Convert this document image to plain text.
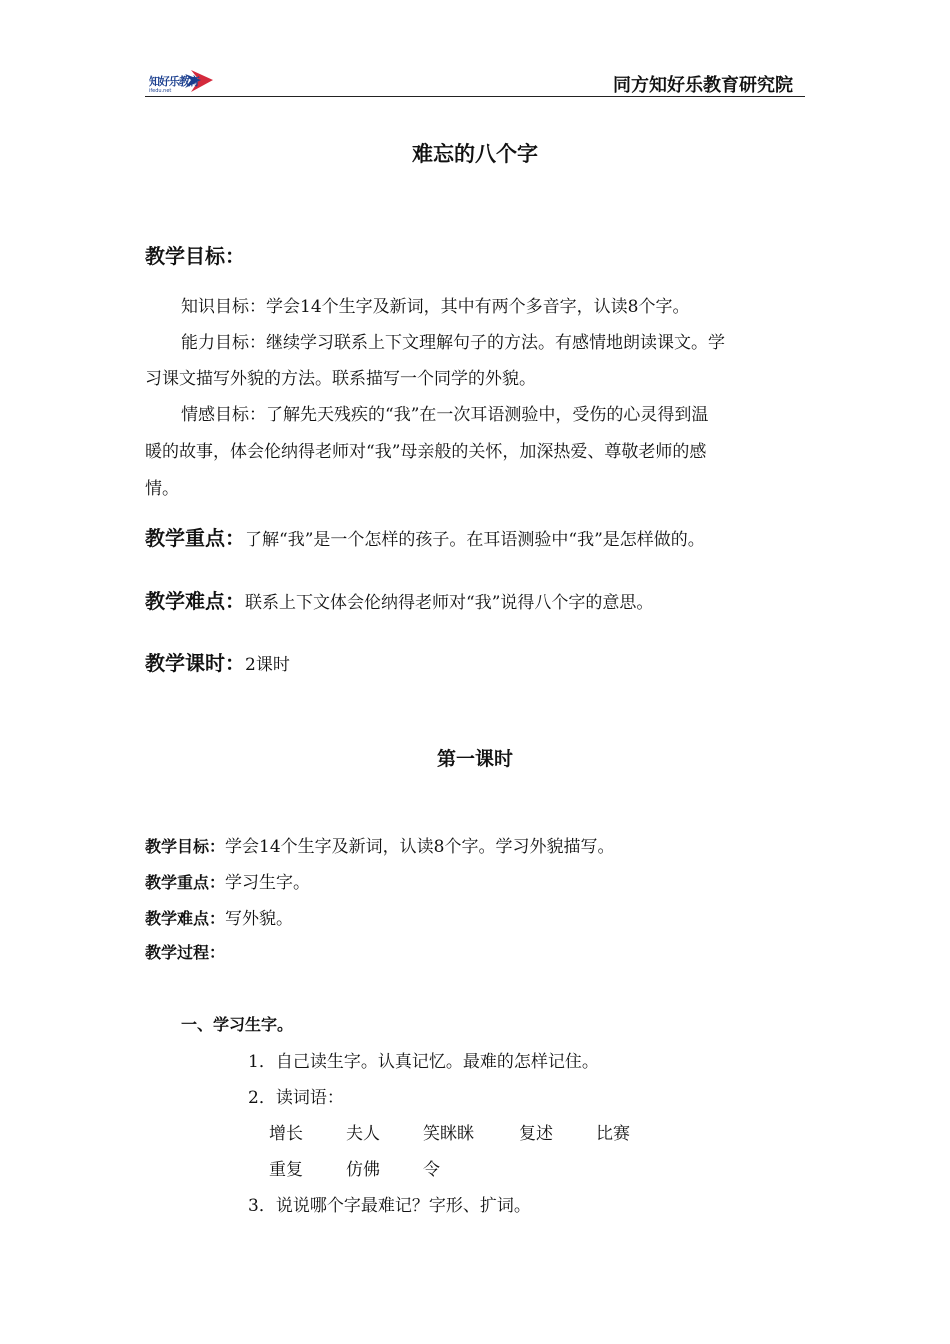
知好乐教育
ifedu.net	同方知好乐教育研究院
难忘的八个字
教学目标：
知识目标：学会14个生字及新词，其中有两个多音字，认读8个字。
能力目标：继续学习联系上下文理解句子的方法。有感情地朗读课文。学
习课文描写外貌的方法。联系描写一个同学的外貌。
情感目标：了解先天残疾的“我”在一次耳语测验中，受伤的心灵得到温
暖的故事，体会伦纳得老师对“我”母亲般的关怀，加深热爱、尊敬老师的感
情。
教学重点：了解“我”是一个怎样的孩子。在耳语测验中“我”是怎样做的。
教学难点：联系上下文体会伦纳得老师对“我”说得八个字的意思。
教学课时：2课时
第一课时
教学目标：学会14个生字及新词，认读8个字。学习外貌描写。
教学重点：学习生字。
教学难点：写外貌。
教学过程：
一、学习生字。
1．自己读生字。认真记忆。最难的怎样记住。
2．读词语：
增长	夫人	笑眯眯	复述	比赛
重复	仿佛	令
3．说说哪个字最难记？字形、扩词。
